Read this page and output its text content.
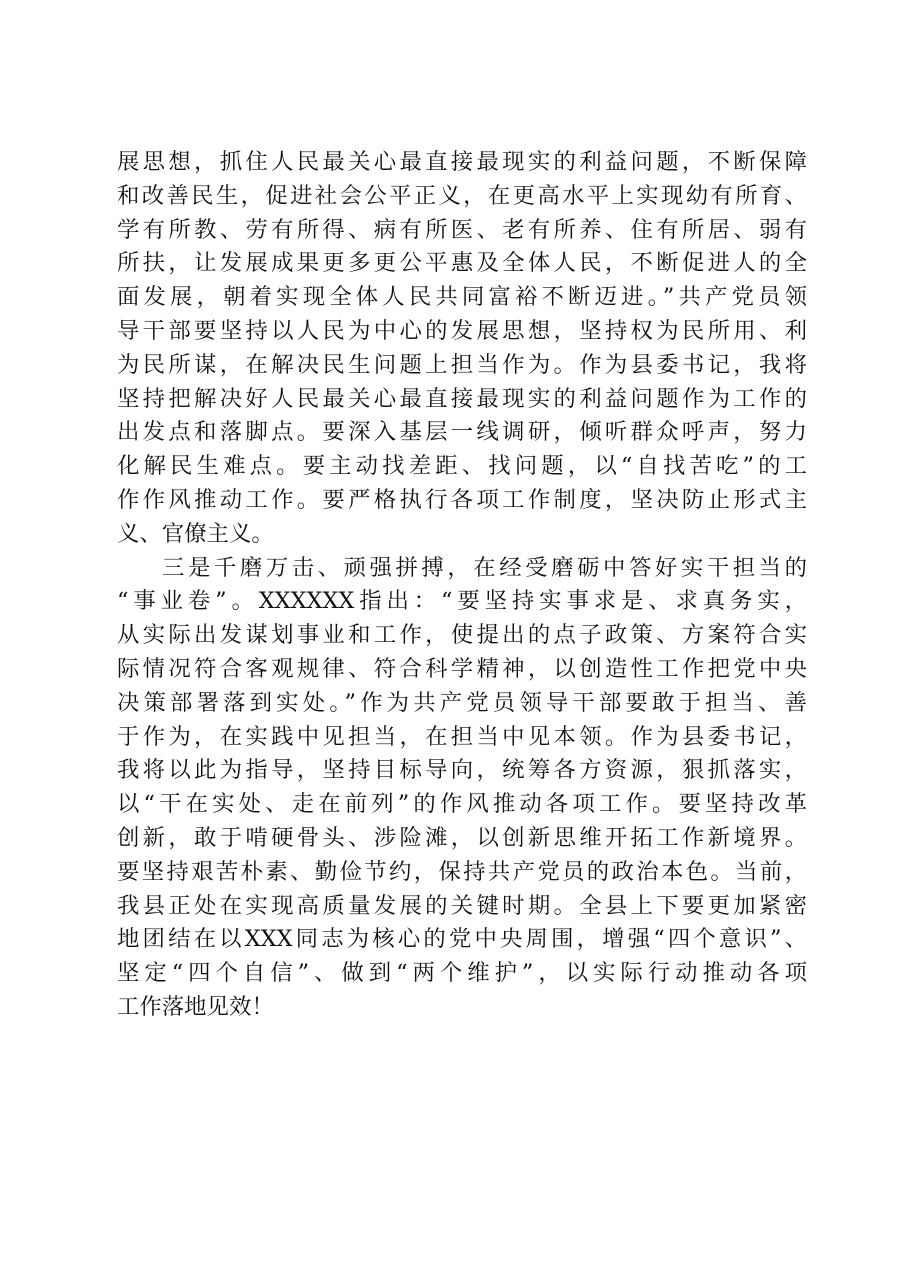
展思想，抓住人民最关心最直接最现实的利益问题，不断保障
和改善民生，促进社会公平正义，在更高水平上实现幼有所育、
学有所教、劳有所得、病有所医、老有所养、住有所居、弱有
所扶，让发展成果更多更公平惠及全体人民，不断促进人的全
面发展，朝着实现全体人民共同富裕不断迈进。”共产党员领
导干部要坚持以人民为中心的发展思想，坚持权为民所用、利
为民所谋，在解决民生问题上担当作为。作为县委书记，我将
坚持把解决好人民最关心最直接最现实的利益问题作为工作的
出发点和落脚点。要深入基层一线调研，倾听群众呼声，努力
化解民生难点。要主动找差距、找问题，以“自找苦吃”的工
作作风推动工作。要严格执行各项工作制度，坚决防止形式主
义、官僚主义。
三是千磨万击、顽强拼搏，在经受磨砺中答好实干担当的
“事业卷”。XXXXXX指出：“要坚持实事求是、求真务实，
从实际出发谋划事业和工作，使提出的点子政策、方案符合实
际情况符合客观规律、符合科学精神，以创造性工作把党中央
决策部署落到实处。”作为共产党员领导干部要敢于担当、善
于作为，在实践中见担当，在担当中见本领。作为县委书记，
我将以此为指导，坚持目标导向，统筹各方资源，狠抓落实，
以“干在实处、走在前列”的作风推动各项工作。要坚持改革
创新，敢于啃硬骨头、涉险滩，以创新思维开拓工作新境界。
要坚持艰苦朴素、勤俭节约，保持共产党员的政治本色。当前，
我县正处在实现高质量发展的关键时期。全县上下要更加紧密
地团结在以XXX同志为核心的党中央周围，增强“四个意识”、
坚定“四个自信”、做到“两个维护”，以实际行动推动各项
工作落地见效！
